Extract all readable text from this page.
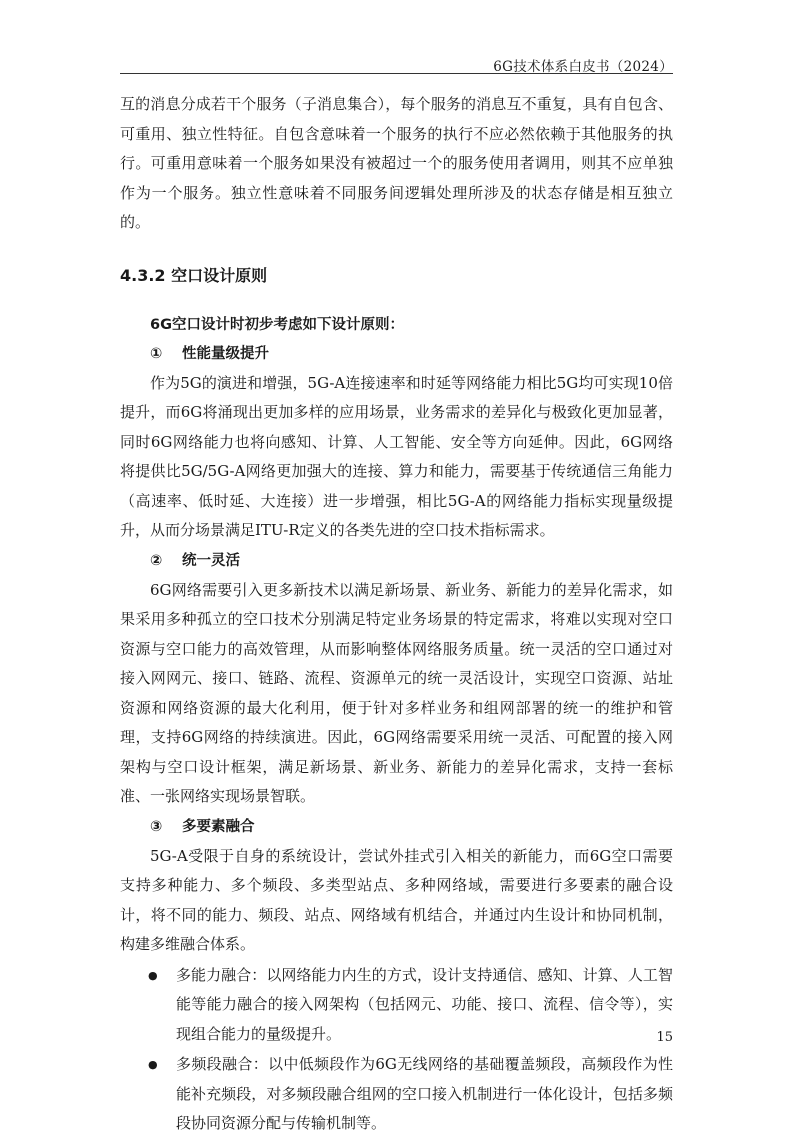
6G技术体系白皮书（2024）

互的消息分成若干个服务（子消息集合），每个服务的消息互不重复，具有自包含、可重用、独立性特征。自包含意味着一个服务的执行不应必然依赖于其他服务的执行。可重用意味着一个服务如果没有被超过一个的服务使用者调用，则其不应单独作为一个服务。独立性意味着不同服务间逻辑处理所涉及的状态存储是相互独立的。

4.3.2 空口设计原则
6G空口设计时初步考虑如下设计原则：
①	性能量级提升

作为5G的演进和增强，5G-A连接速率和时延等网络能力相比5G均可实现10倍提升，而6G将涌现出更加多样的应用场景，业务需求的差异化与极致化更加显著，同时6G网络能力也将向感知、计算、人工智能、安全等方向延伸。因此，6G网络将提供比5G/5G-A网络更加强大的连接、算力和能力，需要基于传统通信三角能力（高速率、低时延、大连接）进一步增强，相比5G-A的网络能力指标实现量级提升，从而分场景满足ITU-R定义的各类先进的空口技术指标需求。

②	统一灵活

6G网络需要引入更多新技术以满足新场景、新业务、新能力的差异化需求，如果采用多种孤立的空口技术分别满足特定业务场景的特定需求，将难以实现对空口资源与空口能力的高效管理，从而影响整体网络服务质量。统一灵活的空口通过对接入网网元、接口、链路、流程、资源单元的统一灵活设计，实现空口资源、站址资源和网络资源的最大化利用，便于针对多样业务和组网部署的统一的维护和管理，支持6G网络的持续演进。因此，6G网络需要采用统一灵活、可配置的接入网架构与空口设计框架，满足新场景、新业务、新能力的差异化需求，支持一套标准、一张网络实现场景智联。

③	多要素融合

5G-A受限于自身的系统设计，尝试外挂式引入相关的新能力，而6G空口需要支持多种能力、多个频段、多类型站点、多种网络域，需要进行多要素的融合设计，将不同的能力、频段、站点、网络域有机结合，并通过内生设计和协同机制，构建多维融合体系。

●	多能力融合：以网络能力内生的方式，设计支持通信、感知、计算、人工智能等能力融合的接入网架构（包括网元、功能、接口、流程、信令等），实现组合能力的量级提升。

●	多频段融合：以中低频段作为6G无线网络的基础覆盖频段，高频段作为性能补充频段，对多频段融合组网的空口接入机制进行一体化设计，包括多频段协同资源分配与传输机制等。

15
